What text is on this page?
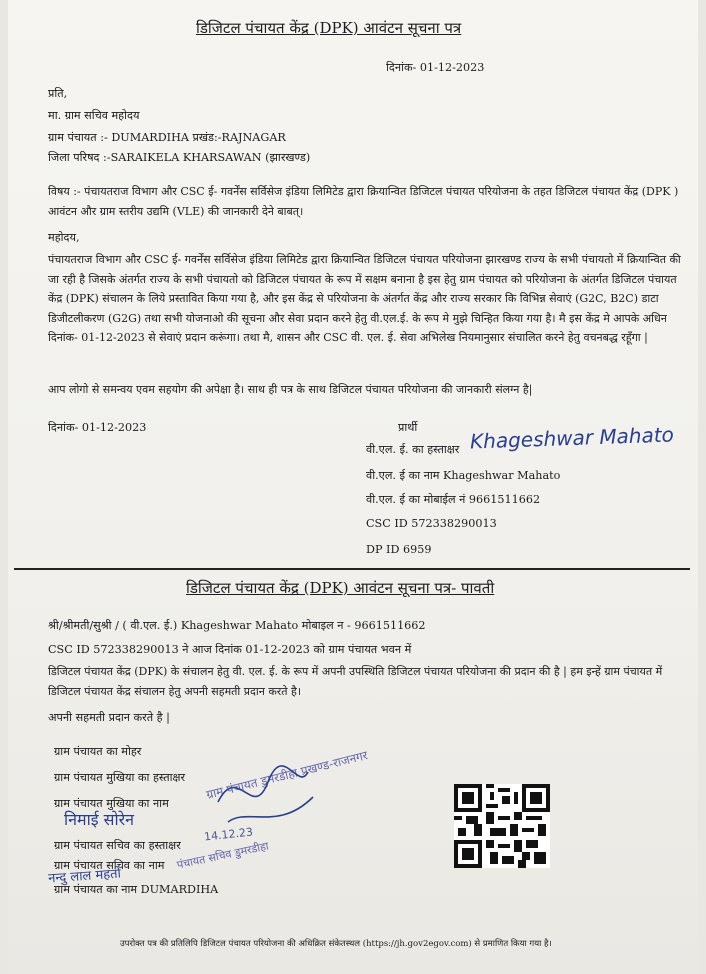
डिजिटल पंचायत केंद्र (DPK) आवंटन सूचना पत्र
दिनांक- 01-12-2023
प्रति,
मा. ग्राम सचिव महोदय
ग्राम पंचायत :- DUMARDIHA प्रखंड:-RAJNAGAR
जिला परिषद :-SARAIKELA KHARSAWAN (झारखण्ड)
विषय :- पंचायतराज विभाग और CSC ई- गवर्नेंस सर्विसेज इंडिया लिमिटेड द्वारा क्रियान्वित डिजिटल पंचायत परियोजना के तहत डिजिटल पंचायत केंद्र (DPK ) आवंटन और ग्राम स्तरीय उद्यमि (VLE) की जानकारी देने बाबत्।
महोदय,
पंचायतराज विभाग और CSC ई- गवर्नेंस सर्विसेज इंडिया लिमिटेड द्वारा क्रियान्वित डिजिटल पंचायत परियोजना झारखण्ड राज्य के सभी पंचायतो में क्रियान्वित की जा रही है जिसके अंतर्गत राज्य के सभी पंचायतो को डिजिटल पंचायत के रूप में सक्षम बनाना है इस हेतु ग्राम पंचायत को परियोजना के अंतर्गत डिजिटल पंचायत केंद्र (DPK) संचालन के लिये प्रस्तावित किया गया है, और इस केंद्र से परियोजना के अंतर्गत केंद्र और राज्य सरकार कि विभिन्न सेवाएं (G2C, B2C) डाटा डिजीटलीकरण (G2G) तथा सभी योजनाओ की सूचना और सेवा प्रदान करने हेतु वी.एल.ई. के रूप मे मुझे चिन्हित किया गया है। मै इस केंद्र मे आपके अधिन दिनांक- 01-12-2023 से सेवाएं प्रदान करूंगा। तथा मै, शासन और CSC वी. एल. ई. सेवा अभिलेख नियमानुसार संचालित करने हेतु वचनबद्ध रहूँगा |
आप लोगो से समन्वय एवम सहयोग की अपेक्षा है। साथ ही पत्र के साथ डिजिटल पंचायत परियोजना की जानकारी संलग्न है|
दिनांक- 01-12-2023	प्रार्थी
वी.एल. ई. का हस्ताक्षर Khageshwar Mahato
वी.एल. ई का नाम Khageshwar Mahato
वी.एल. ई का मोबाईल नं 9661511662
CSC ID 572338290013
DP ID 6959
डिजिटल पंचायत केंद्र (DPK) आवंटन सूचना पत्र- पावती
श्री/श्रीमती/सुश्री / ( वी.एल. ई.) Khageshwar Mahato मोबाइल न - 9661511662
CSC ID 572338290013 ने आज दिनांक 01-12-2023 को ग्राम पंचायत भवन में
डिजिटल पंचायत केंद्र (DPK) के संचालन हेतु वी. एल. ई. के रूप में अपनी उपस्थिति डिजिटल पंचायत परियोजना की प्रदान की है | हम इन्हें ग्राम पंचायत में डिजिटल पंचायत केंद्र संचालन हेतु अपनी सहमती प्रदान करते है।
अपनी सहमती प्रदान करते है |
ग्राम पंचायत का मोहर
ग्राम पंचायत मुखिया का हस्ताक्षर
ग्राम पंचायत मुखिया का नाम
निमाई सोरेन
ग्राम पंचायत सचिव का हस्ताक्षर
ग्राम पंचायत सचिव का नाम
नन्दु लाल महतो
ग्राम पंचायत का नाम DUMARDIHA
ग्राम पंचायत डुमरडीहा प्रखण्ड-राजनगर
पंचायत सचिव डुमरडीहा
14.12.23
उपरोक्त पत्र की प्रतिलिपि डिजिटल पंचायत परियोजना की अधिक्रित संकेतस्थल (https://jh.gov2egov.com) से प्रमाणित किया गया है।
